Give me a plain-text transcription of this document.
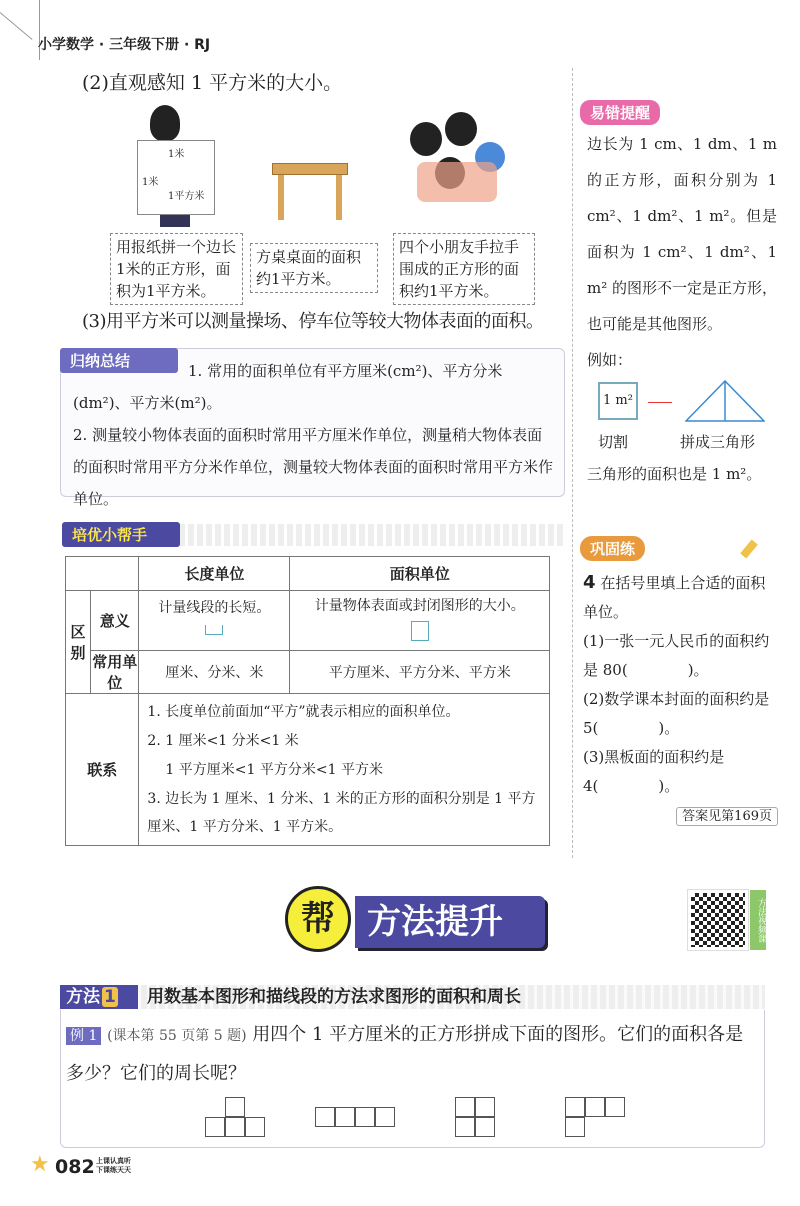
小学数学 · 三年级下册 · RJ
(2)直观感知 1 平方米的大小。
1米
1米
1平方米
用报纸拼一个边长1米的正方形，面积为1平方米。
方桌桌面的面积约1平方米。
四个小朋友手拉手围成的正方形的面积约1平方米。
(3)用平方米可以测量操场、停车位等较大物体表面的面积。
易错提醒
边长为 1 cm、1 dm、1 m 的正方形，面积分别为 1 cm²、1 dm²、1 m²。但是面积为 1 cm²、1 dm²、1 m² 的图形不一定是正方形，也可能是其他图形。
例如：
1 m²
切割	拼成三角形
三角形的面积也是 1 m²。
1. 常用的面积单位有平方厘米(cm²)、平方分米(dm²)、平方米(m²)。
2. 测量较小物体表面的面积时常用平方厘米作单位，测量稍大物体表面的面积时常用平方分米作单位，测量较大物体表面的面积时常用平方米作单位。
归纳总结
培优小帮手
		长度单位	面积单位
区别	意义	计量线段的长短。	计量物体表面或封闭图形的大小。

	常用单位	厘米、分米、米	平方厘米、平方分米、平方米
联系		1. 长度单位前面加“平方”就表示相应的面积单位。
2. 1 厘米<1 分米<1 米
1 平方厘米<1 平方分米<1 平方米
3. 边长为 1 厘米、1 分米、1 米的正方形的面积分别是 1 平方厘米、1 平方分米、1 平方米。	
巩固练
4 在括号里填上合适的面积单位。
(1)一张一元人民币的面积约是 80(　　　　)。
(2)数学课本封面的面积约是 5(　　　　)。
(3)黑板面的面积约是 4(　　　　)。
答案见第169页
方法提升
帮	方法视频课
方法 1	用数基本图形和描线段的方法求图形的面积和周长
例 1 (课本第 55 页第 5 题) 用四个 1 平方厘米的正方形拼成下面的图形。它们的面积各是多少？它们的周长呢？
★ 082 上课认真听
下课练天天
